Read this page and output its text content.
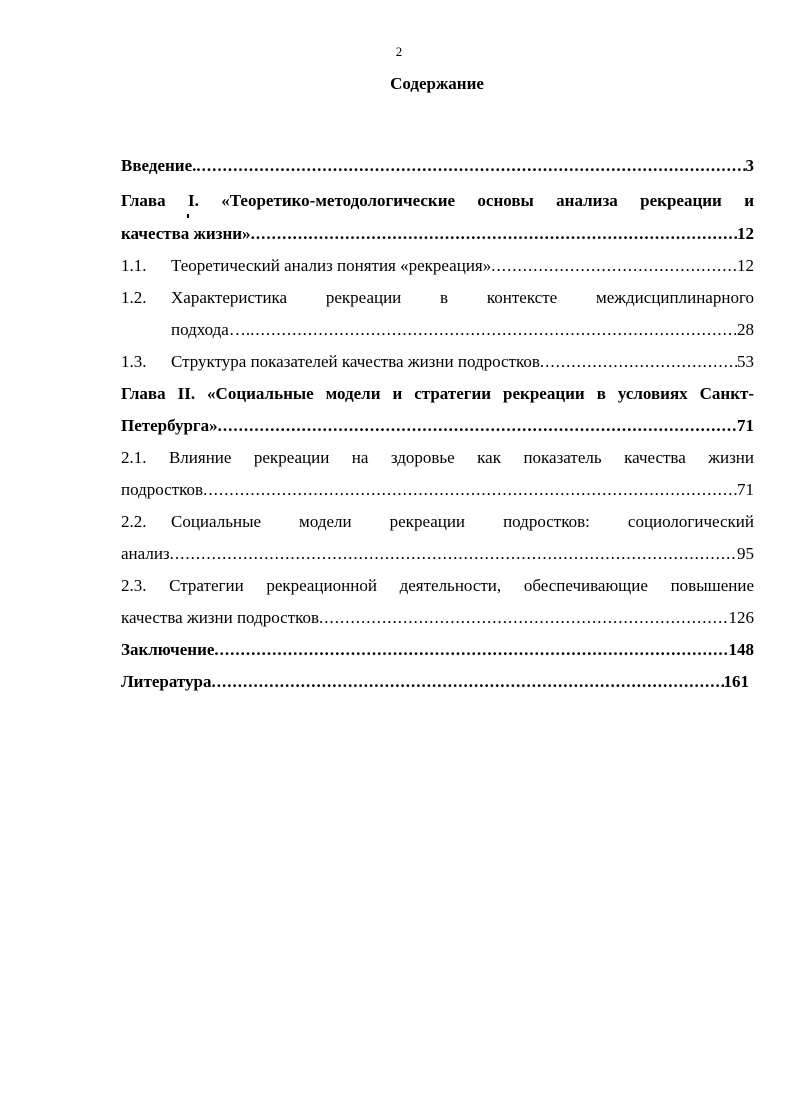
2
Содержание
Введение. .....	3
Глава I. «Теоретико-методологические основы анализа рекреации и
качества жизни» .....	12
1.1.	Теоретический анализ понятия «рекреация» .....	12
1.2.	Характеристика рекреации в контексте междисциплинарного
подхода…. .....	28
1.3.	Структура показателей качества жизни подростков .....	53
Глава II. «Социальные модели и стратегии рекреации в условиях Санкт-
Петербурга» .....	71
2.1. Влияние рекреации на здоровье как показатель качества жизни
подростков .....	71
2.2.	Социальные модели рекреации подростков: социологический
анализ .....	95
2.3. Стратегии рекреационной деятельности, обеспечивающие повышение
качества жизни подростков .....	126
Заключение .....	148
Литература .....	161
